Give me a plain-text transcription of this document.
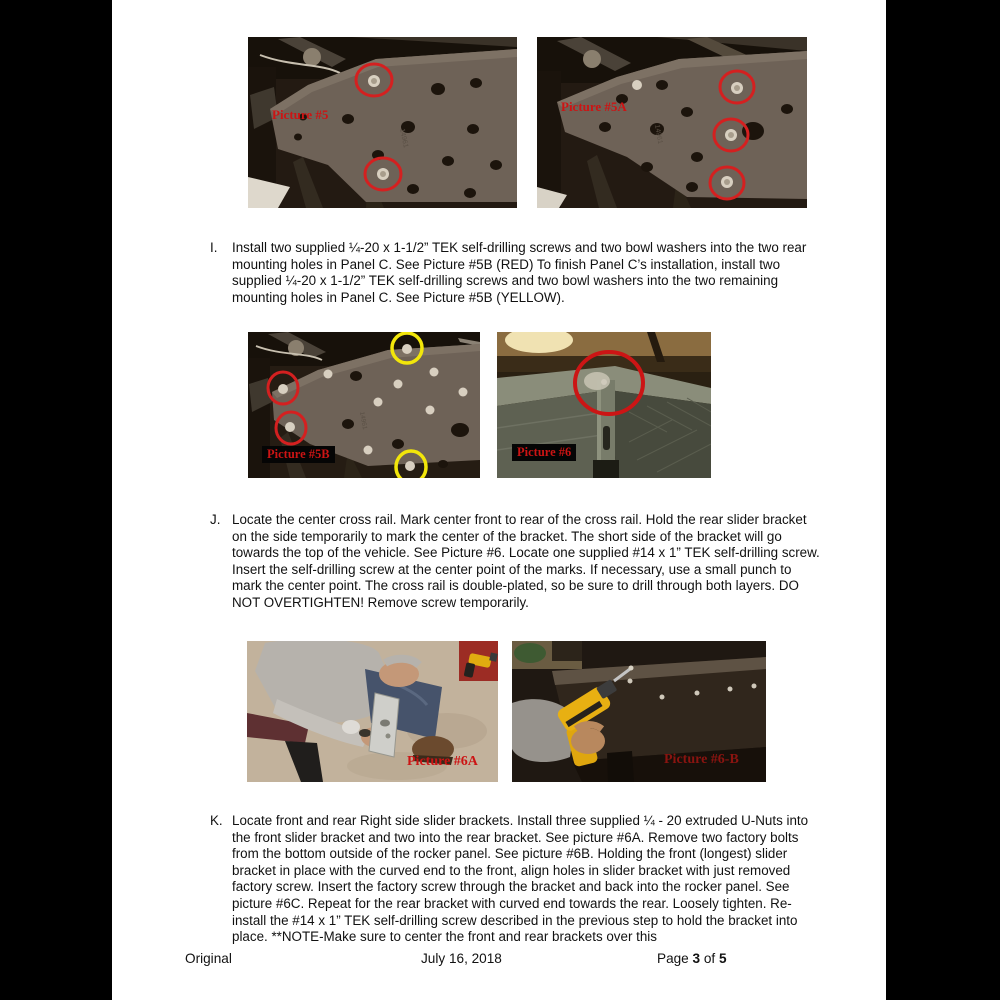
14961
Picture #5
14961
Picture #5A
14961
Picture #5B	Picture #6
Picture #6A	Picture #6-B
I. Install two supplied ¼-20 x 1-1/2” TEK self-drilling screws and two bowl washers into the two rear mounting holes in Panel C. See Picture #5B (RED) To finish Panel C’s installation, install two supplied ¼-20 x 1-1/2” TEK self-drilling screws and two bowl washers into the two remaining mounting holes in Panel C. See Picture #5B (YELLOW).
J. Locate the center cross rail. Mark center front to rear of the cross rail. Hold the rear slider bracket on the side temporarily to mark the center of the bracket. The short side of the bracket will go towards the top of the vehicle. See Picture #6. Locate one supplied #14 x 1” TEK self-drilling screw. Insert the self-drilling screw at the center point of the marks. If necessary, use a small punch to mark the center point. The cross rail is double-plated, so be sure to drill through both layers. DO NOT OVERTIGHTEN! Remove screw temporarily.
K. Locate front and rear Right side slider brackets. Install three supplied ¼ - 20 extruded U-Nuts into the front slider bracket and two into the rear bracket. See picture #6A. Remove two factory bolts from the bottom outside of the rocker panel. See picture #6B. Holding the front (longest) slider bracket in place with the curved end to the front, align holes in slider bracket with just removed factory screw. Insert the factory screw through the bracket and back into the rocker panel. See picture #6C. Repeat for the rear bracket with curved end towards the rear. Loosely tighten. Re-install the #14 x 1” TEK self-drilling screw described in the previous step to hold the bracket into place. **NOTE-Make sure to center the front and rear brackets over this
Original	July 16, 2018	Page 3 of 5
